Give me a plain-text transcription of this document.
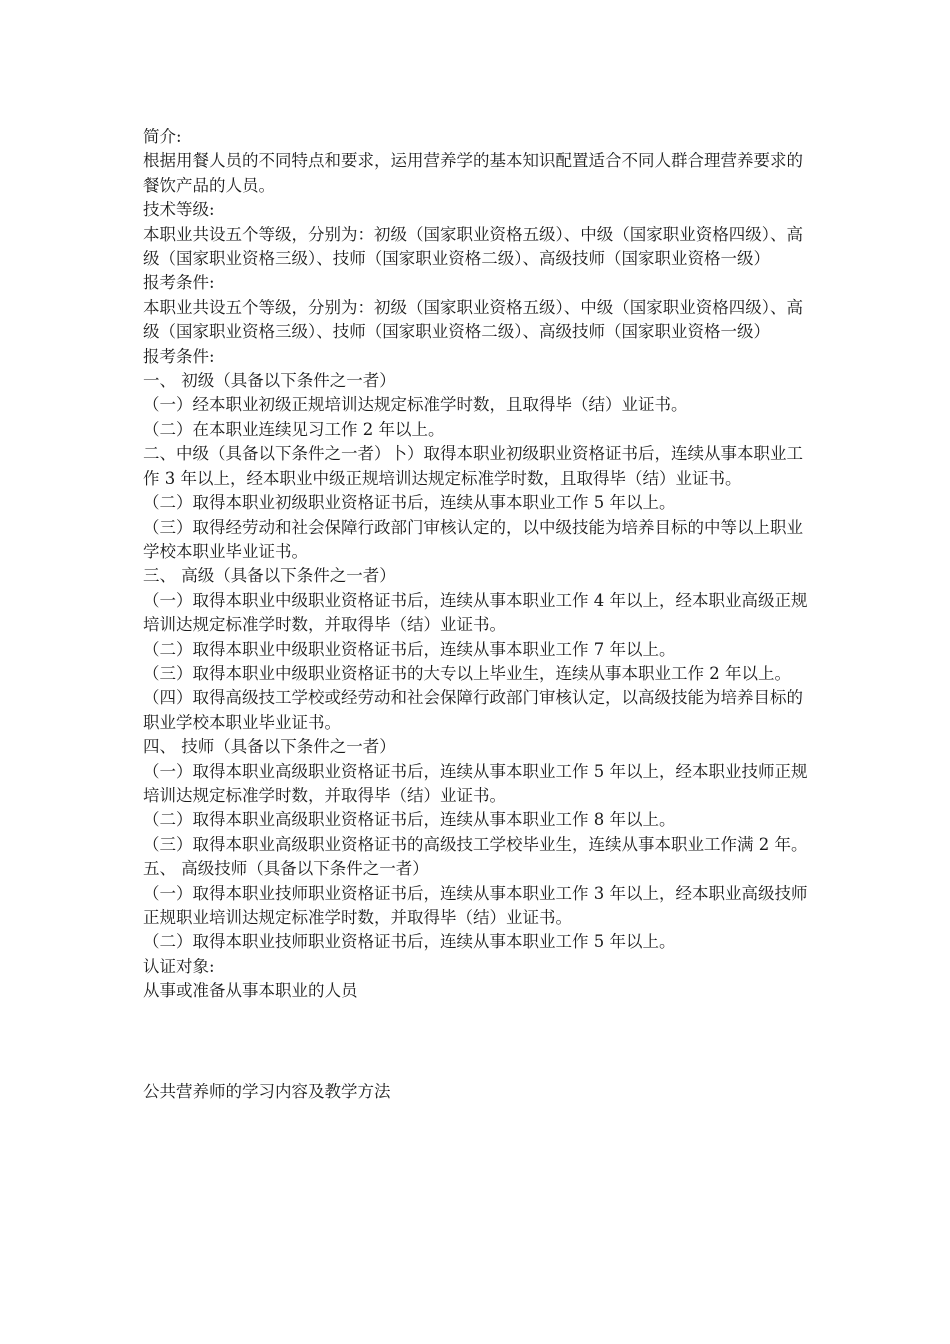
简介:

根据用餐人员的不同特点和要求，运用营养学的基本知识配置适合不同人群合理营养要求的餐饮产品的人员。

技术等级:

本职业共设五个等级，分别为：初级（国家职业资格五级）、中级（国家职业资格四级）、高级（国家职业资格三级）、技师（国家职业资格二级）、高级技师（国家职业资格一级）

报考条件:

本职业共设五个等级，分别为：初级（国家职业资格五级）、中级（国家职业资格四级）、高级（国家职业资格三级）、技师（国家职业资格二级）、高级技师（国家职业资格一级）

报考条件:

一、 初级（具备以下条件之一者）

（一）经本职业初级正规培训达规定标准学时数，且取得毕（结）业证书。

（二）在本职业连续见习工作 2 年以上。

二、中级（具备以下条件之一者）卜）取得本职业初级职业资格证书后，连续从事本职业工作 3 年以上，经本职业中级正规培训达规定标准学时数，且取得毕（结）业证书。

（二）取得本职业初级职业资格证书后，连续从事本职业工作 5 年以上。

（三）取得经劳动和社会保障行政部门审核认定的，以中级技能为培养目标的中等以上职业学校本职业毕业证书。

三、 高级（具备以下条件之一者）

（一）取得本职业中级职业资格证书后，连续从事本职业工作 4 年以上，经本职业高级正规培训达规定标准学时数，并取得毕（结）业证书。

（二）取得本职业中级职业资格证书后，连续从事本职业工作 7 年以上。

（三）取得本职业中级职业资格证书的大专以上毕业生，连续从事本职业工作 2 年以上。

（四）取得高级技工学校或经劳动和社会保障行政部门审核认定，以高级技能为培养目标的职业学校本职业毕业证书。

四、 技师（具备以下条件之一者）

（一）取得本职业高级职业资格证书后，连续从事本职业工作 5 年以上，经本职业技师正规培训达规定标准学时数，并取得毕（结）业证书。

（二）取得本职业高级职业资格证书后，连续从事本职业工作 8 年以上。

（三）取得本职业高级职业资格证书的高级技工学校毕业生，连续从事本职业工作满 2 年。

五、 高级技师（具备以下条件之一者）

（一）取得本职业技师职业资格证书后，连续从事本职业工作 3 年以上，经本职业高级技师正规职业培训达规定标准学时数，并取得毕（结）业证书。

（二）取得本职业技师职业资格证书后，连续从事本职业工作 5 年以上。

认证对象:

从事或准备从事本职业的人员

公共营养师的学习内容及教学方法
